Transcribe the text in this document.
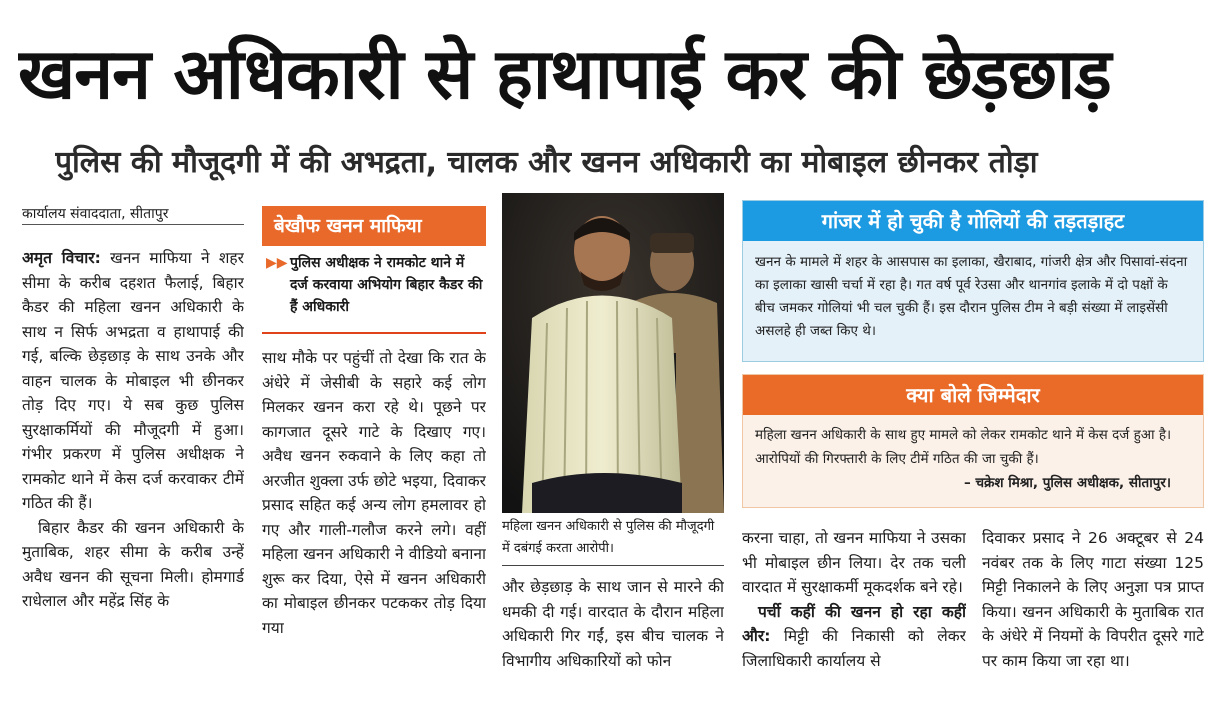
खनन अधिकारी से हाथापाई कर की छेड़छाड़
पुलिस की मौजूदगी में की अभद्रता, चालक और खनन अधिकारी का मोबाइल छीनकर तोड़ा
कार्यालय संवाददाता, सीतापुर

अमृत विचार: खनन माफिया ने शहर सीमा के करीब दहशत फैलाई, बिहार कैडर की महिला खनन अधिकारी के साथ न सिर्फ अभद्रता व हाथापाई की गई, बल्कि छेड़छाड़ के साथ उनके और वाहन चालक के मोबाइल भी छीनकर तोड़ दिए गए। ये सब कुछ पुलिस सुरक्षाकर्मियों की मौजूदगी में हुआ। गंभीर प्रकरण में पुलिस अधीक्षक ने रामकोट थाने में केस दर्ज करवाकर टीमें गठित की हैं।

बिहार कैडर की खनन अधिकारी के मुताबिक, शहर सीमा के करीब उन्हें अवैध खनन की सूचना मिली। होमगार्ड राधेलाल और महेंद्र सिंह के

बेखौफ खनन माफिया
▶▶ पुलिस अधीक्षक ने रामकोट थाने में दर्ज करवाया अभियोग बिहार कैडर की हैं अधिकारी

साथ मौके पर पहुंचीं तो देखा कि रात के अंधेरे में जेसीबी के सहारे कई लोग मिलकर खनन करा रहे थे। पूछने पर कागजात दूसरे गाटे के दिखाए गए। अवैध खनन रुकवाने के लिए कहा तो अरजीत शुक्ला उर्फ छोटे भइया, दिवाकर प्रसाद सहित कई अन्य लोग हमलावर हो गए और गाली-गलौज करने लगे। वहीं महिला खनन अधिकारी ने वीडियो बनाना शुरू कर दिया, ऐसे में खनन अधिकारी का मोबाइल छीनकर पटककर तोड़ दिया गया

महिला खनन अधिकारी से पुलिस की मौजूदगी में दबंगई करता आरोपी।

और छेड़छाड़ के साथ जान से मारने की धमकी दी गई। वारदात के दौरान महिला अधिकारी गिर गईं, इस बीच चालक ने विभागीय अधिकारियों को फोन

गांजर में हो चुकी है गोलियों की तड़तड़ाहट
खनन के मामले में शहर के आसपास का इलाका, खैराबाद, गांजरी क्षेत्र और पिसावां-संदना का इलाका खासी चर्चा में रहा है। गत वर्ष पूर्व रेउसा और थानगांव इलाके में दो पक्षों के बीच जमकर गोलियां भी चल चुकी हैं। इस दौरान पुलिस टीम ने बड़ी संख्या में लाइसेंसी असलहे ही जब्त किए थे।
क्या बोले जिम्मेदार
महिला खनन अधिकारी के साथ हुए मामले को लेकर रामकोट थाने में केस दर्ज हुआ है। आरोपियों की गिरफ्तारी के लिए टीमें गठित की जा चुकी हैं।
– चक्रेश मिश्रा, पुलिस अधीक्षक, सीतापुर।

करना चाहा, तो खनन माफिया ने उसका भी मोबाइल छीन लिया। देर तक चली वारदात में सुरक्षाकर्मी मूकदर्शक बने रहे।

पर्ची कहीं की खनन हो रहा कहीं और: मिट्टी की निकासी को लेकर जिलाधिकारी कार्यालय से

दिवाकर प्रसाद ने 26 अक्टूबर से 24 नवंबर तक के लिए गाटा संख्या 125 मिट्टी निकालने के लिए अनुज्ञा पत्र प्राप्त किया। खनन अधिकारी के मुताबिक रात के अंधेरे में नियमों के विपरीत दूसरे गाटे पर काम किया जा रहा था।
